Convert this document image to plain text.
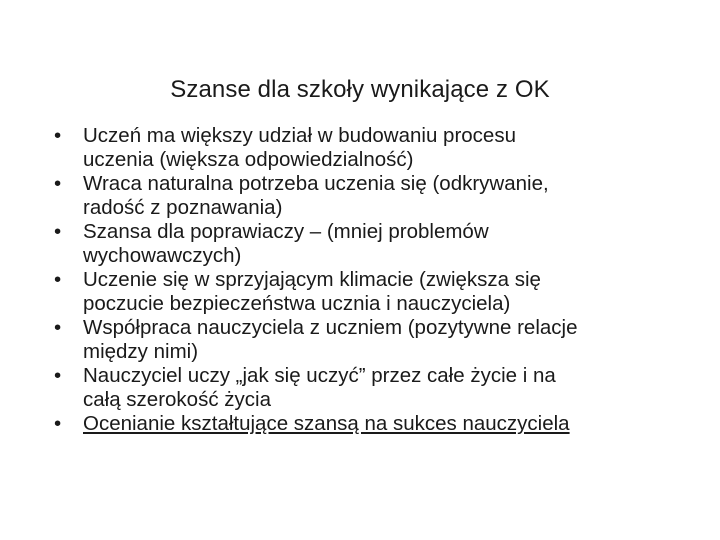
Szanse dla szkoły wynikające z OK
•	Uczeń ma większy udział w budowaniu procesu
uczenia (większa odpowiedzialność)
•	Wraca naturalna potrzeba uczenia się (odkrywanie,
radość z poznawania)
•	Szansa dla poprawiaczy – (mniej problemów
wychowawczych)
•	Uczenie się w sprzyjającym klimacie (zwiększa się
poczucie bezpieczeństwa ucznia i nauczyciela)
•	Współpraca nauczyciela z uczniem (pozytywne relacje
między nimi)
•	Nauczyciel uczy „jak się uczyć” przez całe życie i na
całą szerokość życia
•	Ocenianie kształtujące szansą na sukces nauczyciela
